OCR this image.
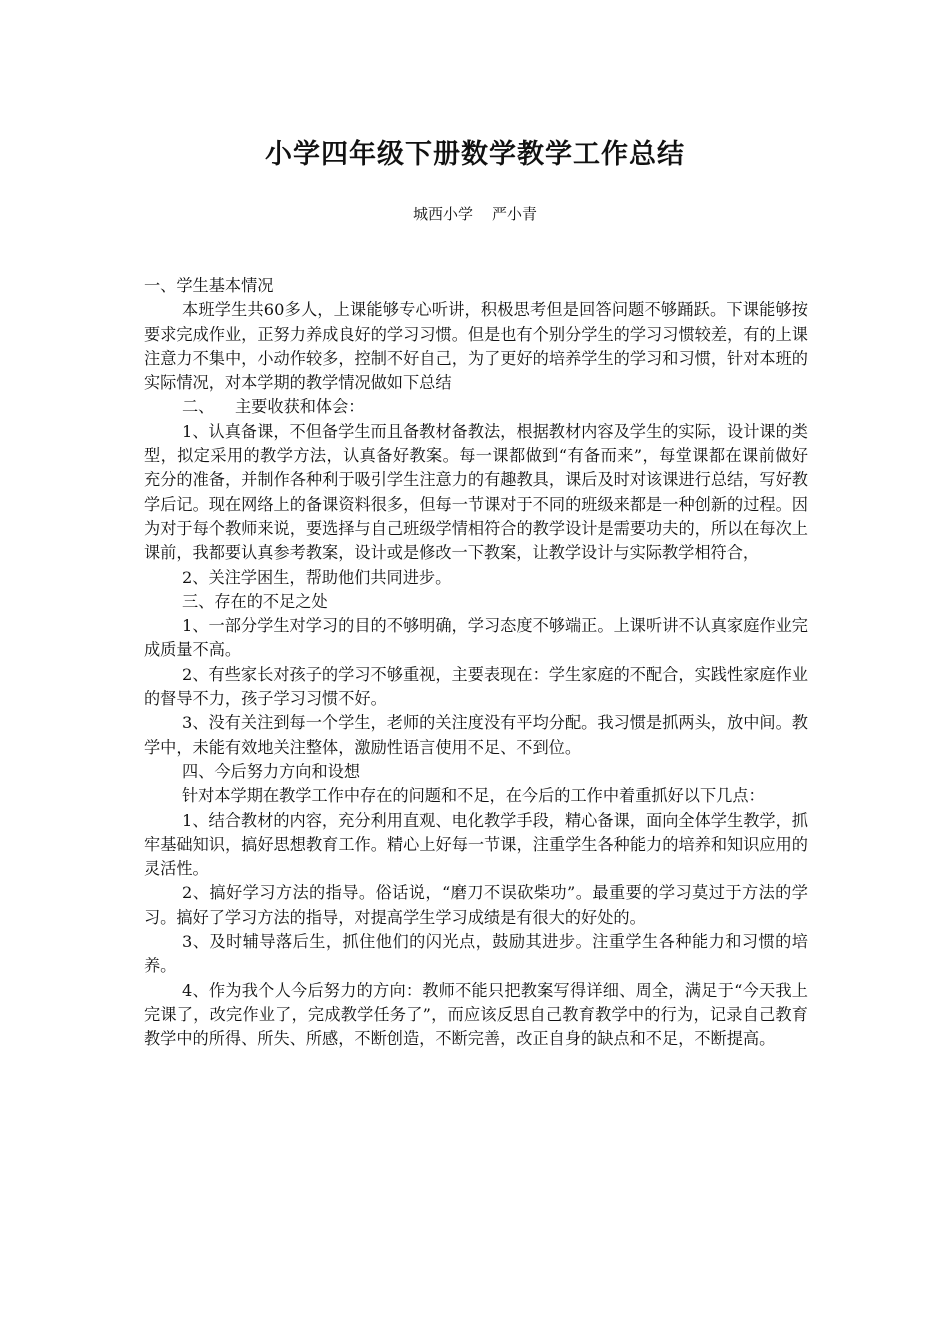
小学四年级下册数学教学工作总结
城西小学    严小青

一、学生基本情况

本班学生共60多人，上课能够专心听讲，积极思考但是回答问题不够踊跃。下课能够按要求完成作业，正努力养成良好的学习习惯。但是也有个别分学生的学习习惯较差，有的上课注意力不集中，小动作较多，控制不好自己，为了更好的培养学生的学习和习惯，针对本班的实际情况，对本学期的教学情况做如下总结

二、    主要收获和体会：

1、认真备课，不但备学生而且备教材备教法，根据教材内容及学生的实际，设计课的类型，拟定采用的教学方法，认真备好教案。每一课都做到“有备而来”，每堂课都在课前做好充分的准备，并制作各种利于吸引学生注意力的有趣教具，课后及时对该课进行总结，写好教学后记。现在网络上的备课资料很多，但每一节课对于不同的班级来都是一种创新的过程。因为对于每个教师来说，要选择与自己班级学情相符合的教学设计是需要功夫的，所以在每次上课前，我都要认真参考教案，设计或是修改一下教案，让教学设计与实际教学相符合，

2、关注学困生，帮助他们共同进步。

三、存在的不足之处

1、一部分学生对学习的目的不够明确，学习态度不够端正。上课听讲不认真家庭作业完成质量不高。

2、有些家长对孩子的学习不够重视，主要表现在：学生家庭的不配合，实践性家庭作业的督导不力，孩子学习习惯不好。

3、没有关注到每一个学生，老师的关注度没有平均分配。我习惯是抓两头，放中间。教学中，未能有效地关注整体，激励性语言使用不足、不到位。

四、今后努力方向和设想

针对本学期在教学工作中存在的问题和不足，在今后的工作中着重抓好以下几点：

1、结合教材的内容，充分利用直观、电化教学手段，精心备课，面向全体学生教学，抓牢基础知识，搞好思想教育工作。精心上好每一节课，注重学生各种能力的培养和知识应用的灵活性。

2、搞好学习方法的指导。俗话说，“磨刀不误砍柴功”。最重要的学习莫过于方法的学习。搞好了学习方法的指导，对提高学生学习成绩是有很大的好处的。

3、及时辅导落后生，抓住他们的闪光点，鼓励其进步。注重学生各种能力和习惯的培养。

4、作为我个人今后努力的方向：教师不能只把教案写得详细、周全，满足于“今天我上完课了，改完作业了，完成教学任务了”，而应该反思自己教育教学中的行为，记录自己教育教学中的所得、所失、所感，不断创造，不断完善，改正自身的缺点和不足，不断提高。
